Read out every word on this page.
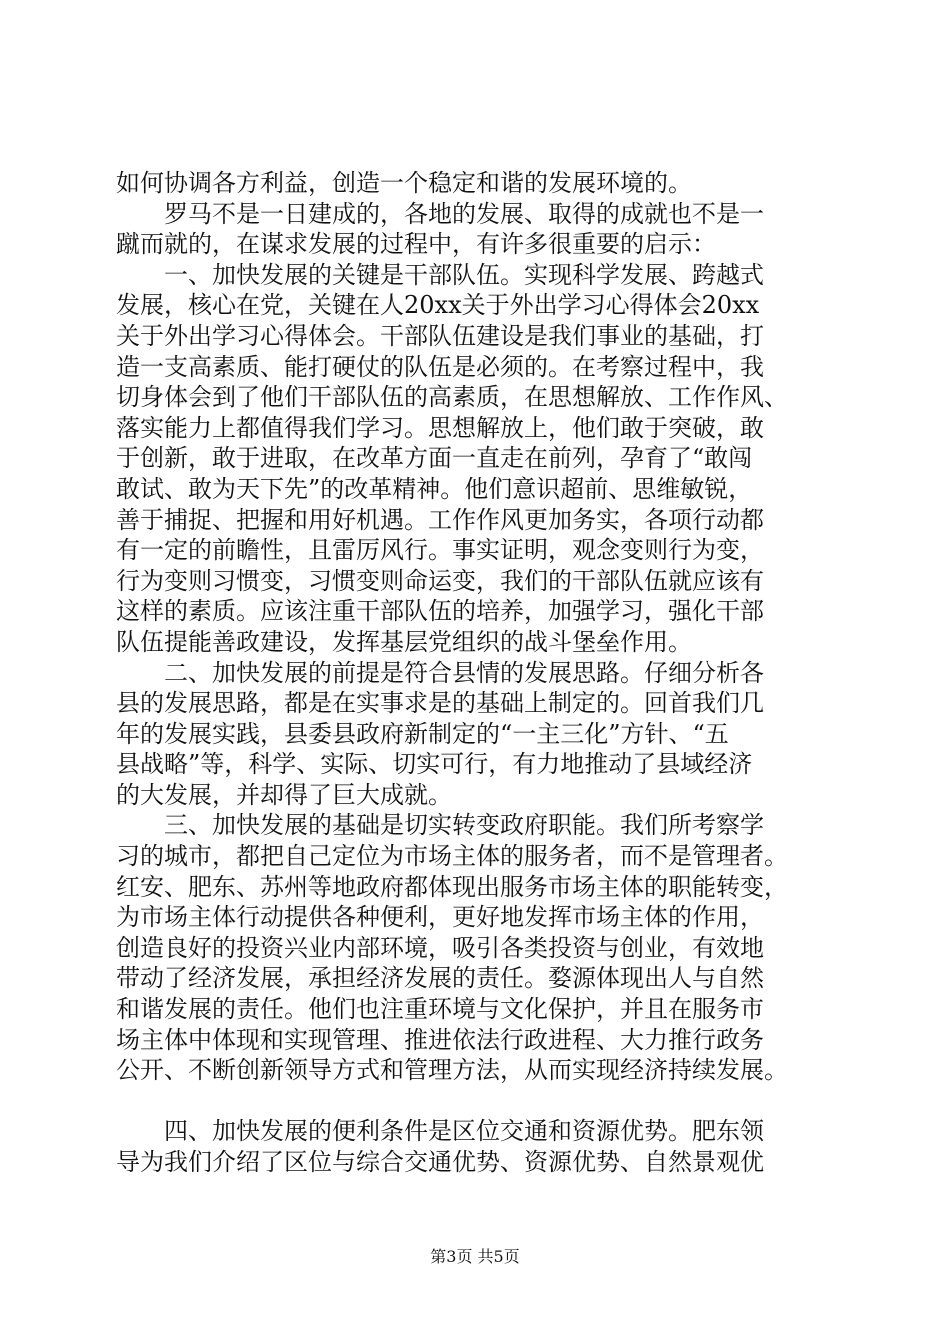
如何协调各方利益，创造一个稳定和谐的发展环境的。
　　罗马不是一日建成的，各地的发展、取得的成就也不是一
蹴而就的，在谋求发展的过程中，有许多很重要的启示：
　　一、加快发展的关键是干部队伍。实现科学发展、跨越式
发展，核心在党，关键在人20xx关于外出学习心得体会20xx
关于外出学习心得体会。干部队伍建设是我们事业的基础，打
造一支高素质、能打硬仗的队伍是必须的。在考察过程中，我
切身体会到了他们干部队伍的高素质，在思想解放、工作作风、
落实能力上都值得我们学习。思想解放上，他们敢于突破，敢
于创新，敢于进取，在改革方面一直走在前列，孕育了“敢闯
敢试、敢为天下先”的改革精神。他们意识超前、思维敏锐，
善于捕捉、把握和用好机遇。工作作风更加务实，各项行动都
有一定的前瞻性，且雷厉风行。事实证明，观念变则行为变，
行为变则习惯变，习惯变则命运变，我们的干部队伍就应该有
这样的素质。应该注重干部队伍的培养，加强学习，强化干部
队伍提能善政建设，发挥基层党组织的战斗堡垒作用。
　　二、加快发展的前提是符合县情的发展思路。仔细分析各
县的发展思路，都是在实事求是的基础上制定的。回首我们几
年的发展实践，县委县政府新制定的“一主三化”方针、“五
县战略”等，科学、实际、切实可行，有力地推动了县域经济
的大发展，并却得了巨大成就。
　　三、加快发展的基础是切实转变政府职能。我们所考察学
习的城市，都把自己定位为市场主体的服务者，而不是管理者。
红安、肥东、苏州等地政府都体现出服务市场主体的职能转变，
为市场主体行动提供各种便利，更好地发挥市场主体的作用，
创造良好的投资兴业内部环境，吸引各类投资与创业，有效地
带动了经济发展，承担经济发展的责任。婺源体现出人与自然
和谐发展的责任。他们也注重环境与文化保护，并且在服务市
场主体中体现和实现管理、推进依法行政进程、大力推行政务
公开、不断创新领导方式和管理方法，从而实现经济持续发展。
　　四、加快发展的便利条件是区位交通和资源优势。肥东领
导为我们介绍了区位与综合交通优势、资源优势、自然景观优
第3页 共5页
